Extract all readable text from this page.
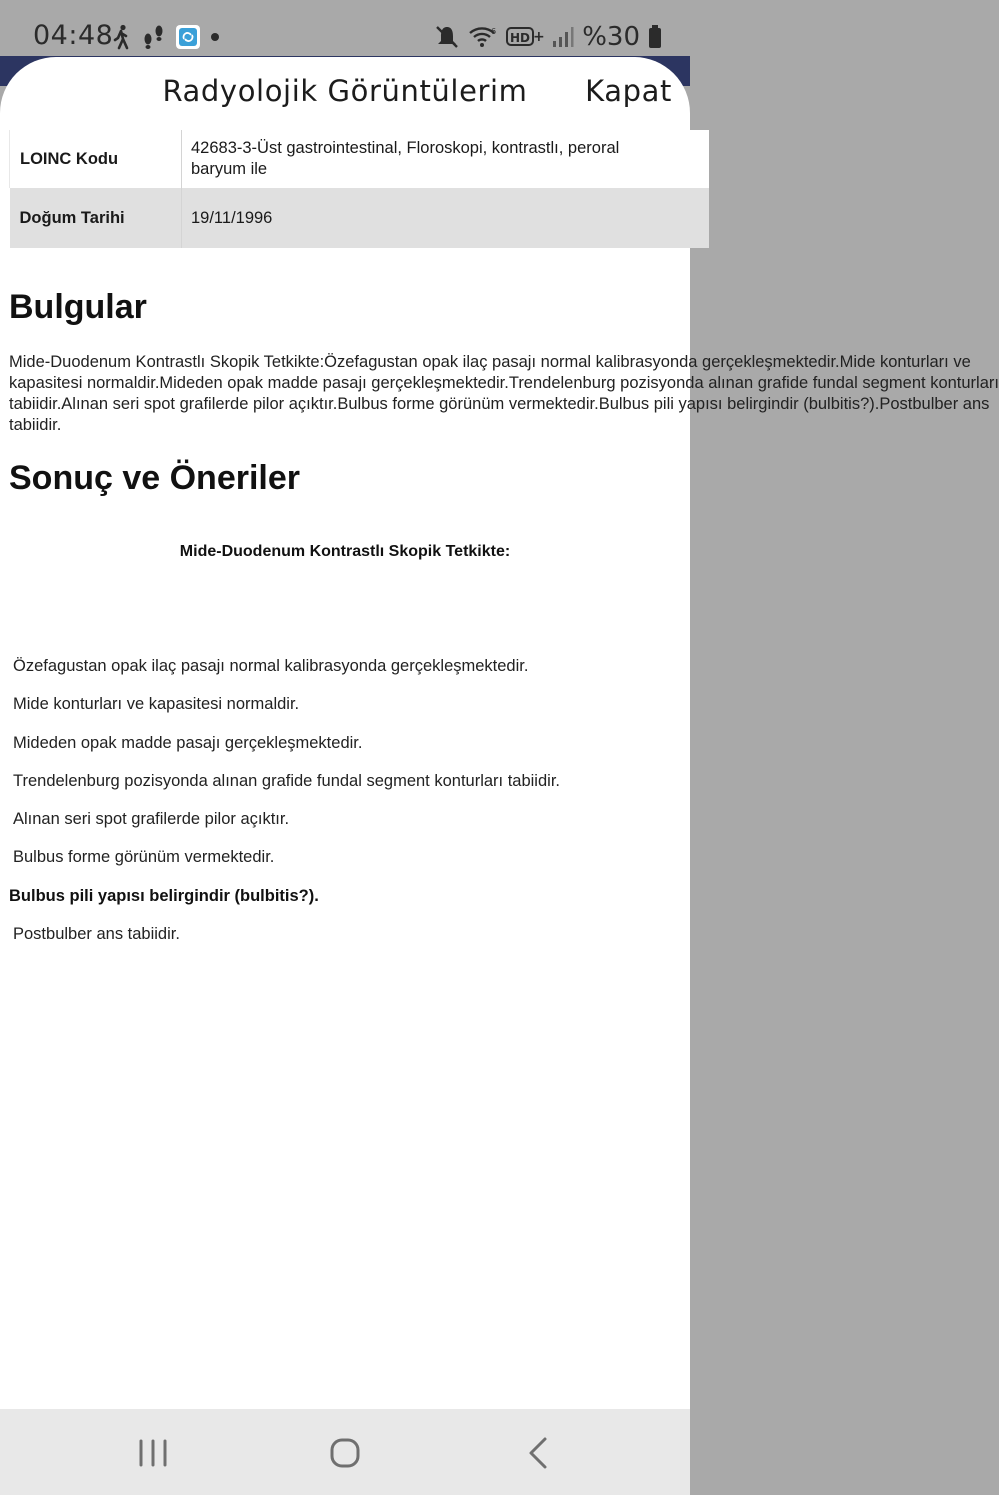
04:48	6 HD + %30
Radyolojik Görüntülerim	Kapat
LOINC Kodu	42683-3-Üst gastrointestinal, Floroskopi, kontrastlı, peroral baryum ile
Doğum Tarihi	19/11/1996
Bulgular
Mide-Duodenum Kontrastlı Skopik Tetkikte:Özefagustan opak ilaç pasajı normal kalibrasyonda gerçekleşmektedir.Mide konturları ve
kapasitesi normaldir.Mideden opak madde pasajı gerçekleşmektedir.Trendelenburg pozisyonda alınan grafide fundal segment konturları
tabiidir.Alınan seri spot grafilerde pilor açıktır.Bulbus forme görünüm vermektedir.Bulbus pili yapısı belirgindir (bulbitis?).Postbulber ans
tabiidir.
Sonuç ve Öneriler
Mide-Duodenum Kontrastlı Skopik Tetkikte:
Özefagustan opak ilaç pasajı normal kalibrasyonda gerçekleşmektedir.
Mide konturları ve kapasitesi normaldir.
Mideden opak madde pasajı gerçekleşmektedir.
Trendelenburg pozisyonda alınan grafide fundal segment konturları tabiidir.
Alınan seri spot grafilerde pilor açıktır.
Bulbus forme görünüm vermektedir.
Bulbus pili yapısı belirgindir (bulbitis?).
Postbulber ans tabiidir.
